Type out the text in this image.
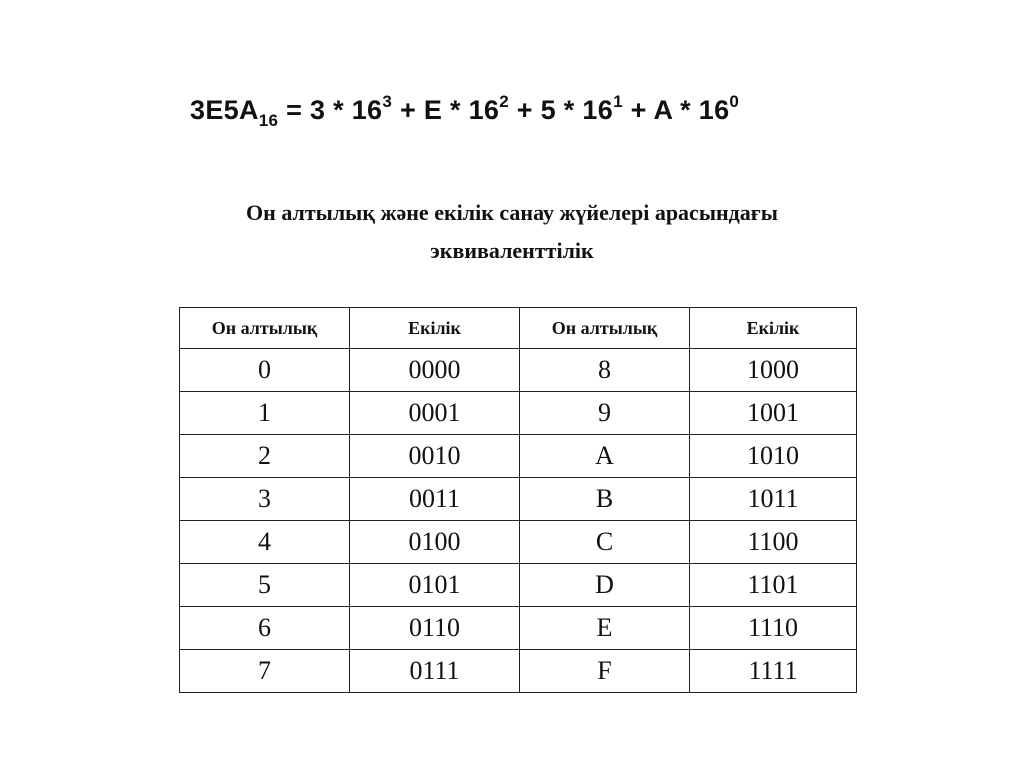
$3E5A_{16} = 3 * 16^3 + E * 16^2 + 5 * 16^1 + A * 16^0$
Он алтылық және екілік санау жүйелері арасындағы
эквиваленттілік
Он алтылық	Екілік	Он алтылық	Екілік
0	0000	8	1000
1	0001	9	1001
2	0010	A	1010
3	0011	B	1011
4	0100	C	1100
5	0101	D	1101
6	0110	E	1110
7	0111	F	1111
